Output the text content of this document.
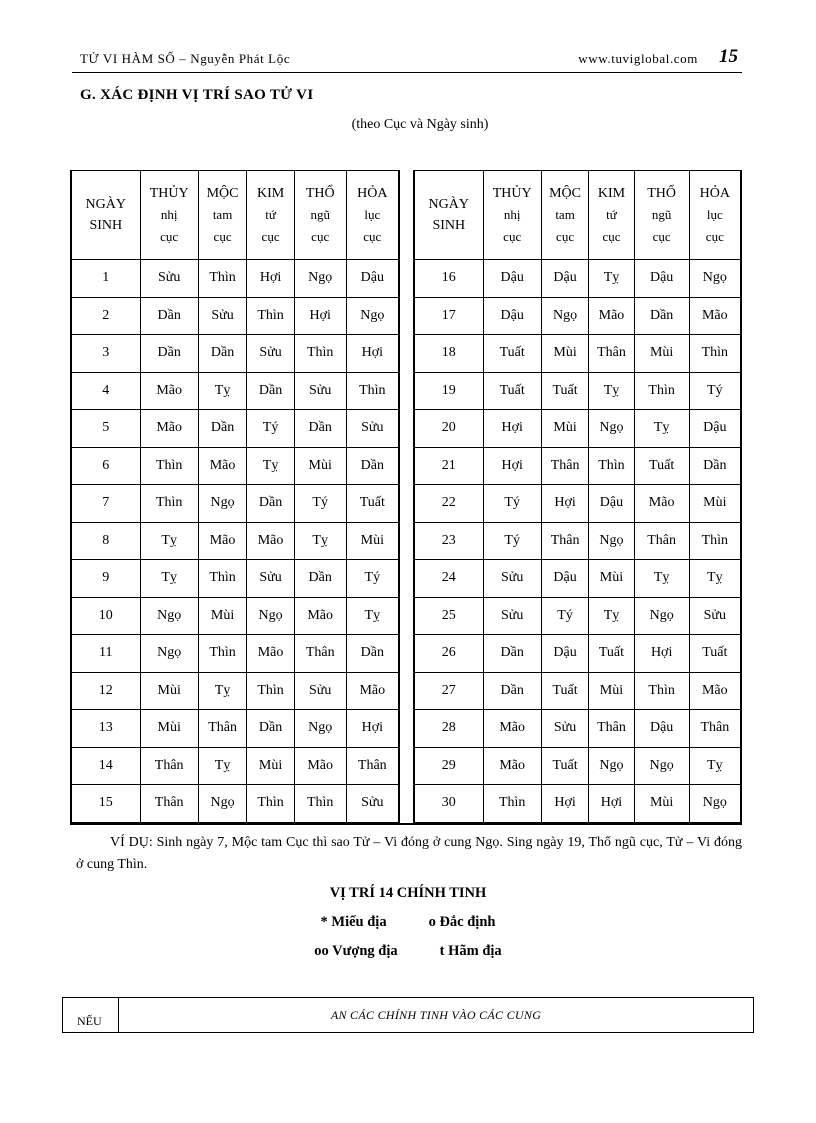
TỬ VI HÀM SỐ – Nguyễn Phát Lộc	www.tuviglobal.com 15
G. XÁC ĐỊNH VỊ TRÍ SAO TỬ VI
(theo Cục và Ngày sinh)
NGÀY
SINH	THỦY
nhị
cục	MỘC
tam
cục	KIM
tứ
cục	THỔ
ngũ
cục	HỎA
lục
cục
1	Sửu	Thìn	Hợi	Ngọ	Dậu
2	Dần	Sửu	Thìn	Hợi	Ngọ
3	Dần	Dần	Sửu	Thìn	Hợi
4	Mão	Tỵ	Dần	Sửu	Thìn
5	Mão	Dần	Tý	Dần	Sửu
6	Thìn	Mão	Tỵ	Mùi	Dần
7	Thìn	Ngọ	Dần	Tý	Tuất
8	Tỵ	Mão	Mão	Tỵ	Mùi
9	Tỵ	Thìn	Sửu	Dần	Tý
10	Ngọ	Mùi	Ngọ	Mão	Tỵ
11	Ngọ	Thìn	Mão	Thân	Dần
12	Mùi	Tỵ	Thìn	Sửu	Mão
13	Mùi	Thân	Dần	Ngọ	Hợi
14	Thân	Tỵ	Mùi	Mão	Thân
15	Thân	Ngọ	Thìn	Thìn	Sửu
NGÀY
SINH	THỦY
nhị
cục	MỘC
tam
cục	KIM
tứ
cục	THỔ
ngũ
cục	HỎA
lục
cục
16	Dậu	Dậu	Tỵ	Dậu	Ngọ
17	Dậu	Ngọ	Mão	Dần	Mão
18	Tuất	Mùi	Thân	Mùi	Thìn
19	Tuất	Tuất	Tỵ	Thìn	Tý
20	Hợi	Mùi	Ngọ	Tỵ	Dậu
21	Hợi	Thân	Thìn	Tuất	Dần
22	Tý	Hợi	Dậu	Mão	Mùi
23	Tý	Thân	Ngọ	Thân	Thìn
24	Sửu	Dậu	Mùi	Tỵ	Tỵ
25	Sửu	Tý	Tỵ	Ngọ	Sửu
26	Dần	Dậu	Tuất	Hợi	Tuất
27	Dần	Tuất	Mùi	Thìn	Mão
28	Mão	Sửu	Thân	Dậu	Thân
29	Mão	Tuất	Ngọ	Ngọ	Tỵ
30	Thìn	Hợi	Hợi	Mùi	Ngọ
VÍ DỤ: Sinh ngày 7, Mộc tam Cục thì sao Tử – Vi đóng ở cung Ngọ. Sing ngày 19, Thổ ngũ cục, Tử – Vi đóng ở cung Thìn.
VỊ TRÍ 14 CHÍNH TINH
* Miếu địa	o Đắc định
oo Vượng địa	t Hãm địa
NẾU	AN CÁC CHÍNH TINH VÀO CÁC CUNG
